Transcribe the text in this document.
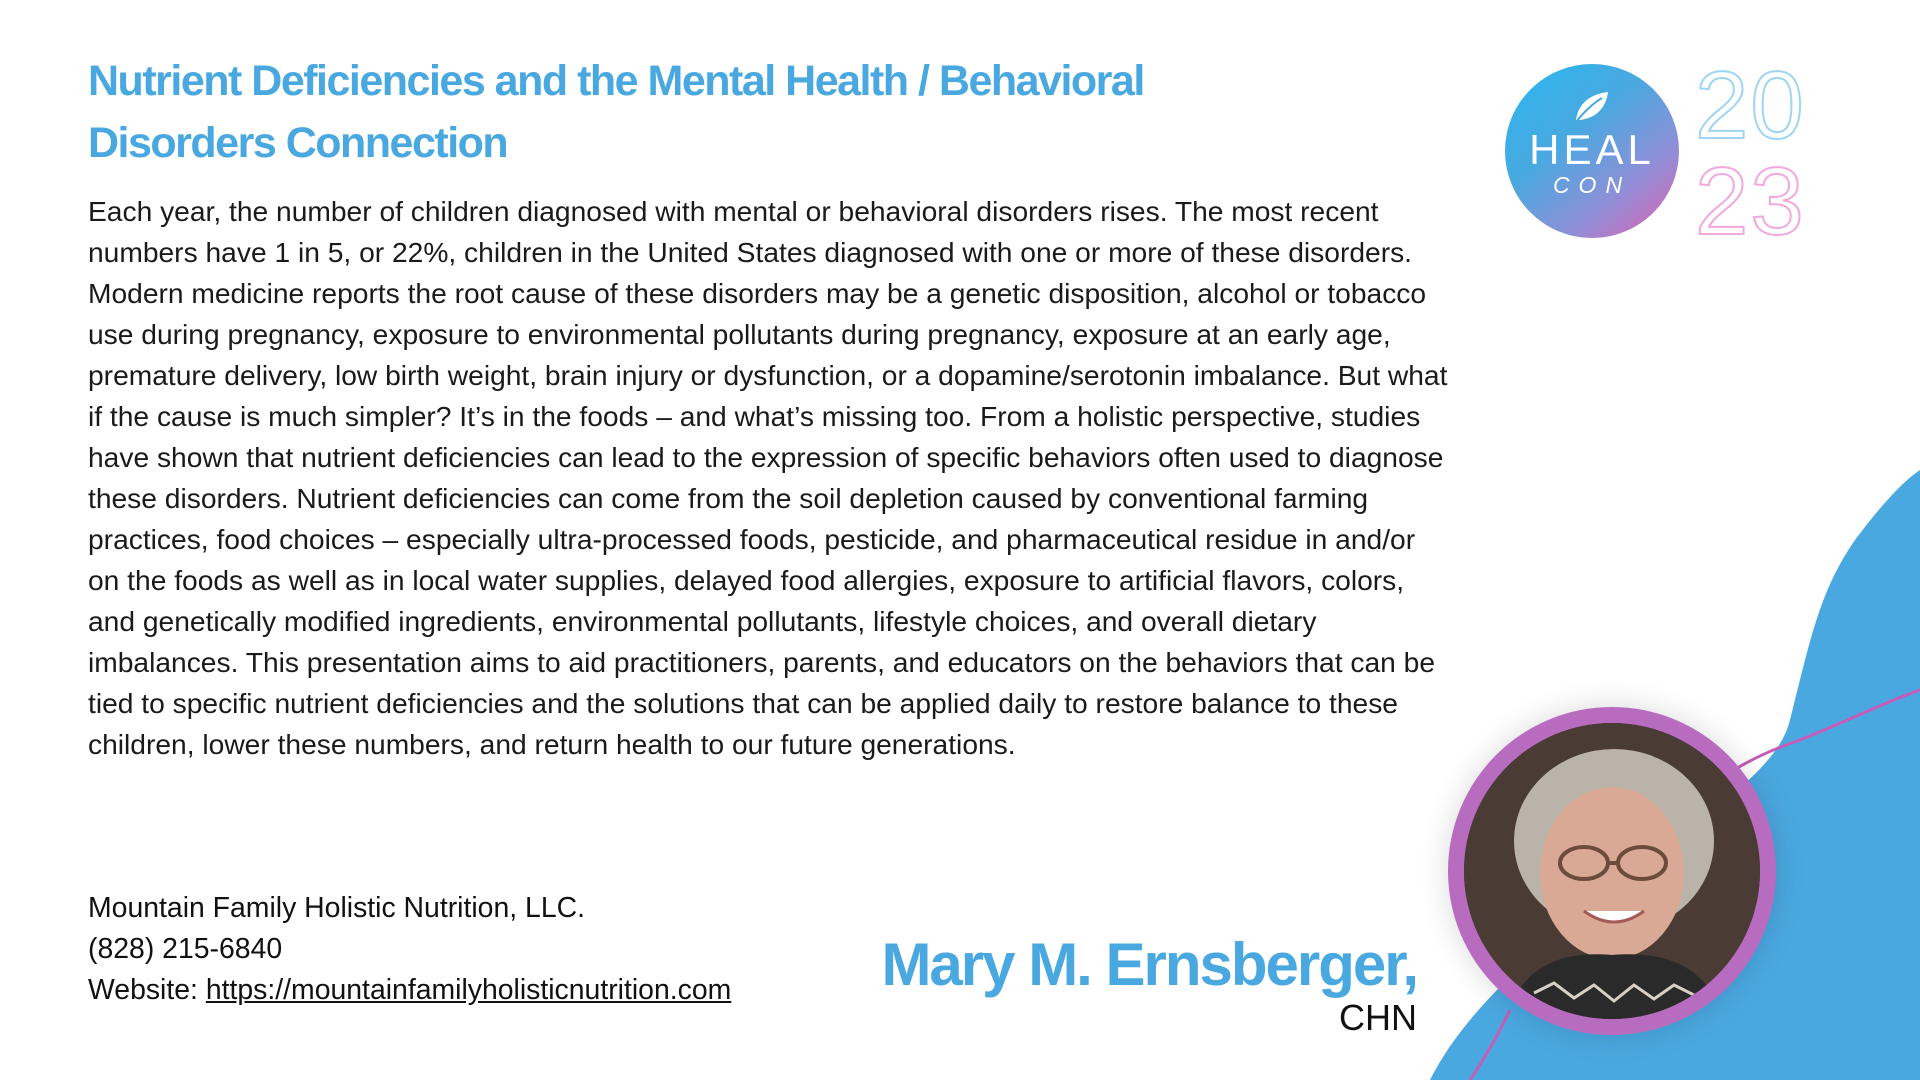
Nutrient Deficiencies and the Mental Health / Behavioral Disorders Connection

Each year, the number of children diagnosed with mental or behavioral disorders rises. The most recent numbers have 1 in 5, or 22%, children in the United States diagnosed with one or more of these disorders. Modern medicine reports the root cause of these disorders may be a genetic disposition, alcohol or tobacco use during pregnancy, exposure to environmental pollutants during pregnancy, exposure at an early age, premature delivery, low birth weight, brain injury or dysfunction, or a dopamine/serotonin imbalance. But what if the cause is much simpler? It’s in the foods – and what’s missing too. From a holistic perspective, studies have shown that nutrient deficiencies can lead to the expression of specific behaviors often used to diagnose these disorders. Nutrient deficiencies can come from the soil depletion caused by conventional farming practices, food choices – especially ultra-processed foods, pesticide, and pharmaceutical residue in and/or on the foods as well as in local water supplies, delayed food allergies, exposure to artificial flavors, colors, and genetically modified ingredients, environmental pollutants, lifestyle choices, and overall dietary imbalances. This presentation aims to aid practitioners, parents, and educators on the behaviors that can be tied to specific nutrient deficiencies and the solutions that can be applied daily to restore balance to these children, lower these numbers, and return health to our future generations.

Mountain Family Holistic Nutrition, LLC.
(828) 215-6840
Website: https://mountainfamilyholisticnutrition.com	Mary M. Ernsberger,
CHN
HEAL
CON
20
23
